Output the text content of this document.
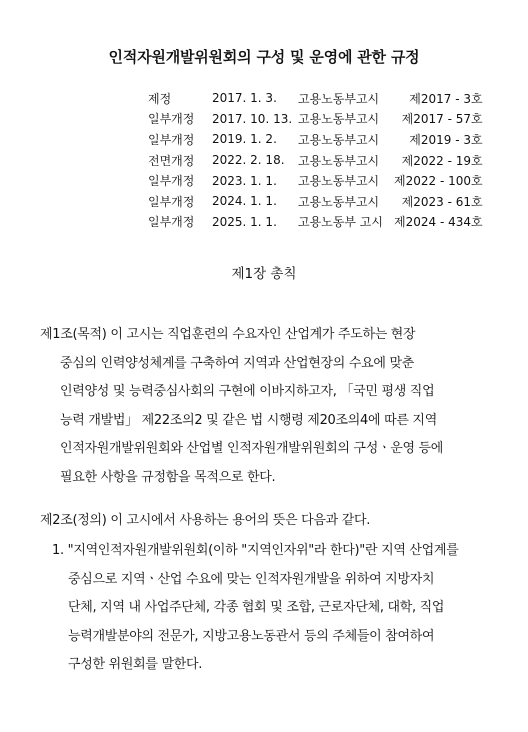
인적자원개발위원회의 구성 및 운영에 관한 규정
제정	2017. 1. 3.	고용노동부고시	제2017 - 3호
일부개정	2017. 10. 13.	고용노동부고시	제2017 - 57호
일부개정	2019. 1. 2.	고용노동부고시	제2019 - 3호
전면개정	2022. 2. 18.	고용노동부고시	제2022 - 19호
일부개정	2023. 1. 1.	고용노동부고시	제2022 - 100호
일부개정	2024. 1. 1.	고용노동부고시	제2023 - 61호
일부개정	2025. 1. 1.	고용노동부 고시	제2024 - 434호
제1장 총칙
제1조(목적) 이 고시는 직업훈련의 수요자인 산업계가 주도하는 현장
중심의 인력양성체계를 구축하여 지역과 산업현장의 수요에 맞춘
인력양성 및 능력중심사회의 구현에 이바지하고자, 「국민 평생 직업
능력 개발법」 제22조의2 및 같은 법 시행령 제20조의4에 따른 지역
인적자원개발위원회와 산업별 인적자원개발위원회의 구성ㆍ운영 등에
필요한 사항을 규정함을 목적으로 한다.
제2조(정의) 이 고시에서 사용하는 용어의 뜻은 다음과 같다.
1. "지역인적자원개발위원회(이하 "지역인자위"라 한다)"란 지역 산업계를
중심으로 지역ㆍ산업 수요에 맞는 인적자원개발을 위하여 지방자치
단체, 지역 내 사업주단체, 각종 협회 및 조합, 근로자단체, 대학, 직업
능력개발분야의 전문가, 지방고용노동관서 등의 주체들이 참여하여
구성한 위원회를 말한다.
